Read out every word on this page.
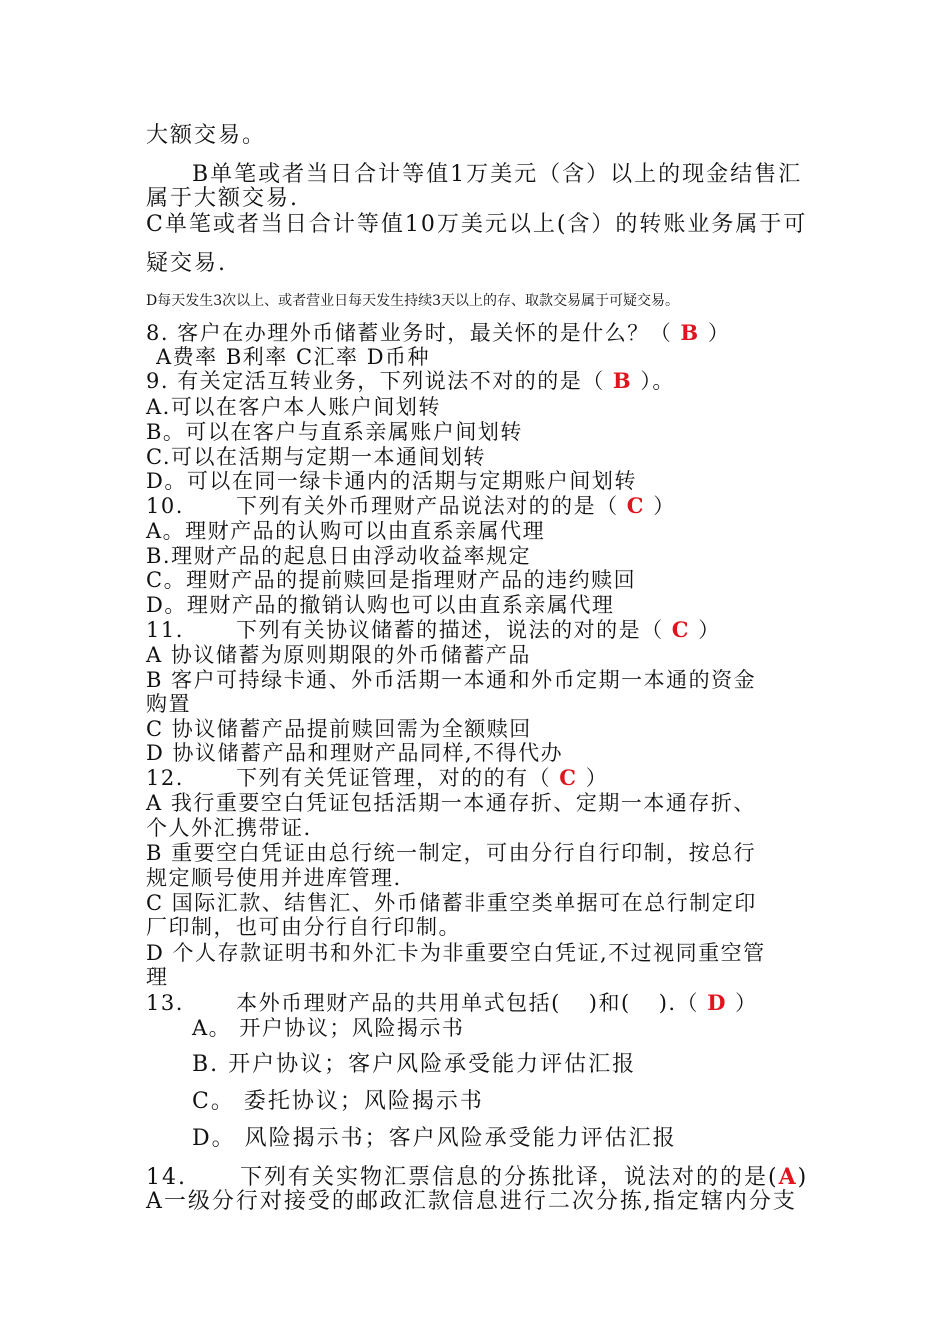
大额交易。
B单笔或者当日合计等值1万美元（含）以上的现金结售汇
属于大额交易.
C单笔或者当日合计等值10万美元以上(含）的转账业务属于可
疑交易.
D每天发生3次以上、或者营业日每天发生持续3天以上的存、取款交易属于可疑交易。
8. 客户在办理外币储蓄业务时，最关怀的是什么？（ B ）
A费率 B利率 C汇率 D币种
9. 有关定活互转业务，下列说法不对的的是（ B ）。
A.可以在客户本人账户间划转
B。可以在客户与直系亲属账户间划转
C.可以在活期与定期一本通间划转
D。可以在同一绿卡通内的活期与定期账户间划转
10. 下列有关外币理财产品说法对的的是（ C ）
A。理财产品的认购可以由直系亲属代理
B.理财产品的起息日由浮动收益率规定
C。理财产品的提前赎回是指理财产品的违约赎回
D。理财产品的撤销认购也可以由直系亲属代理
11. 下列有关协议储蓄的描述，说法的对的是（ C ）
A 协议储蓄为原则期限的外币储蓄产品
B 客户可持绿卡通、外币活期一本通和外币定期一本通的资金
购置
C 协议储蓄产品提前赎回需为全额赎回
D 协议储蓄产品和理财产品同样,不得代办
12. 下列有关凭证管理，对的的有（ C ）
A 我行重要空白凭证包括活期一本通存折、定期一本通存折、
个人外汇携带证.
B 重要空白凭证由总行统一制定，可由分行自行印制，按总行
规定顺号使用并进库管理.
C 国际汇款、结售汇、外币储蓄非重空类单据可在总行制定印
厂印制，也可由分行自行印制。
D 个人存款证明书和外汇卡为非重要空白凭证,不过视同重空管
理
13. 本外币理财产品的共用单式包括( )和( ).（ D ）
A。 开户协议；风险揭示书
B. 开户协议；客户风险承受能力评估汇报
C。 委托协议；风险揭示书
D。 风险揭示书；客户风险承受能力评估汇报
14. 下列有关实物汇票信息的分拣批译，说法对的的是(A)
A一级分行对接受的邮政汇款信息进行二次分拣,指定辖内分支
